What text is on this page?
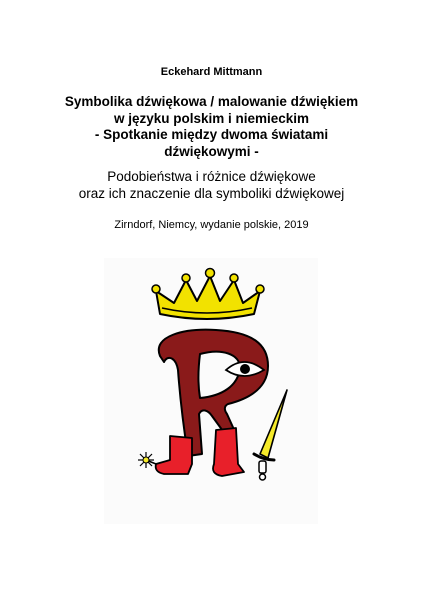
Eckehard Mittmann
Symbolika dźwiękowa / malowanie dźwiękiem
w języku polskim i niemieckim
- Spotkanie między dwoma światami
dźwiękowymi -
Podobieństwa i różnice dźwiękowe
oraz ich znaczenie dla symboliki dźwiękowej
Zirndorf, Niemcy, wydanie polskie, 2019
